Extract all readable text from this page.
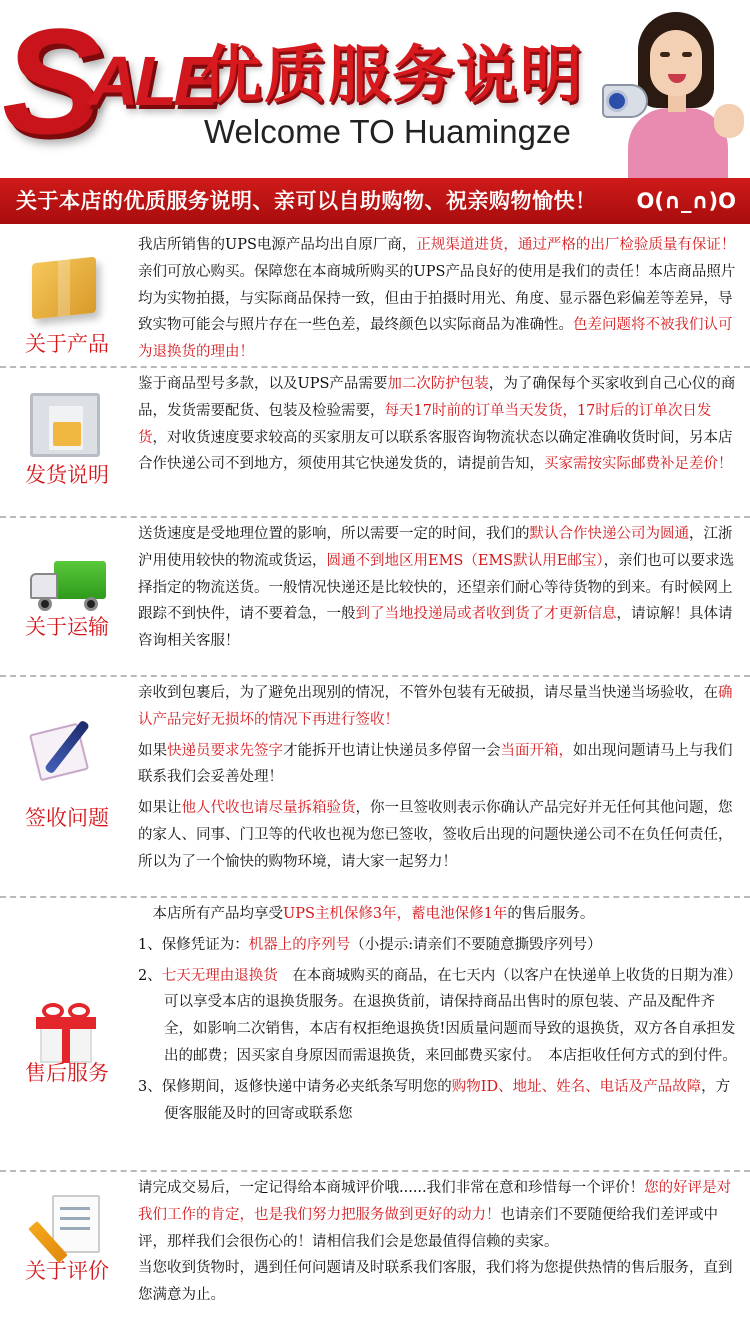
S
ALE
优质服务说明
Welcome TO Huamingze
关于本店的优质服务说明、亲可以自助购物、祝亲购物愉快！ O(∩_∩)O
关于产品

我店所销售的UPS电源产品均出自原厂商，正规渠道进货，通过严格的出厂检验质量有保证！亲们可放心购买。保障您在本商城所购买的UPS产品良好的使用是我们的责任！本店商品照片均为实物拍摄，与实际商品保持一致，但由于拍摄时用光、角度、显示器色彩偏差等差异，导致实物可能会与照片存在一些色差，最终颜色以实际商品为准确性。色差问题将不被我们认可为退换货的理由！

发货说明

鉴于商品型号多款，以及UPS产品需要加二次防护包装，为了确保每个买家收到自己心仪的商品，发货需要配货、包装及检验需要，每天17时前的订单当天发货，17时后的订单次日发货，对收货速度要求较高的买家朋友可以联系客服咨询物流状态以确定准确收货时间，另本店合作快递公司不到地方，须使用其它快递发货的，请提前告知，买家需按实际邮费补足差价！

关于运输

送货速度是受地理位置的影响，所以需要一定的时间，我们的默认合作快递公司为圆通，江浙沪用使用较快的物流或货运，圆通不到地区用EMS（EMS默认用E邮宝），亲们也可以要求选择指定的物流送货。一般情况快递还是比较快的，还望亲们耐心等待货物的到来。有时候网上跟踪不到快件，请不要着急，一般到了当地投递局或者收到货了才更新信息，请谅解！具体请咨询相关客服！

签收问题

亲收到包裹后，为了避免出现别的情况，不管外包装有无破损，请尽量当快递当场验收，在确认产品完好无损坏的情况下再进行签收！

如果快递员要求先签字才能拆开也请让快递员多停留一会当面开箱，如出现问题请马上与我们联系我们会妥善处理！

如果让他人代收也请尽量拆箱验货，你一旦签收则表示你确认产品完好并无任何其他问题，您的家人、同事、门卫等的代收也视为您已签收，签收后出现的问题快递公司不在负任何责任，所以为了一个愉快的购物环境，请大家一起努力！

售后服务

　本店所有产品均享受UPS主机保修3年，蓄电池保修1年的售后服务。

1、保修凭证为：机器上的序列号（小提示:请亲们不要随意撕毁序列号）

2、七天无理由退换货　在本商城购买的商品，在七天内（以客户在快递单上收货的日期为准）可以享受本店的退换货服务。在退换货前，请保持商品出售时的原包装、产品及配件齐全，如影响二次销售，本店有权拒绝退换货!因质量问题而导致的退换货，双方各自承担发出的邮费；因买家自身原因而需退换货，来回邮费买家付。　本店拒收任何方式的到付件。

3、保修期间，返修快递中请务必夹纸条写明您的购物ID、地址、姓名、电话及产品故障，方便客服能及时的回寄或联系您

关于评价

请完成交易后，一定记得给本商城评价哦......我们非常在意和珍惜每一个评价！您的好评是对我们工作的肯定，也是我们努力把服务做到更好的动力！也请亲们不要随便给我们差评或中评，那样我们会很伤心的！请相信我们会是您最值得信赖的卖家。

当您收到货物时，遇到任何问题请及时联系我们客服，我们将为您提供热情的售后服务，直到您满意为止。
